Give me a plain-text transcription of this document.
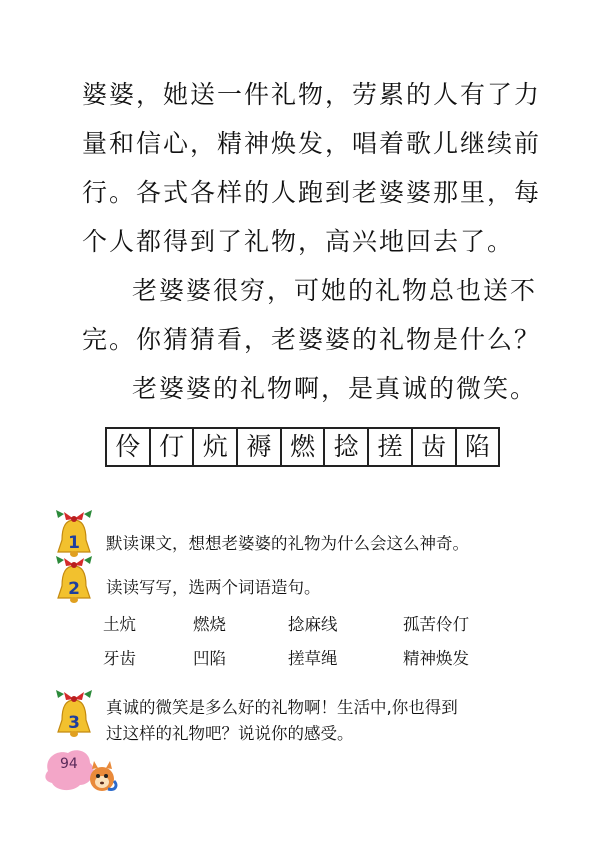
婆婆，她送一件礼物，劳累的人有了力
量和信心，精神焕发，唱着歌儿继续前
行。各式各样的人跑到老婆婆那里，每
个人都得到了礼物，高兴地回去了。
老婆婆很穷，可她的礼物总也送不
完。你猜猜看，老婆婆的礼物是什么？
老婆婆的礼物啊，是真诚的微笑。
伶 仃 炕 褥 燃 捻 搓 齿 陷
1 默读课文，想想老婆婆的礼物为什么会这么神奇。
2 读读写写，选两个词语造句。
土炕	燃烧	捻麻线	孤苦伶仃
牙齿	凹陷	搓草绳	精神焕发
3
真诚的微笑是多么好的礼物啊！生活中,你也得到
过这样的礼物吧？说说你的感受。
94
